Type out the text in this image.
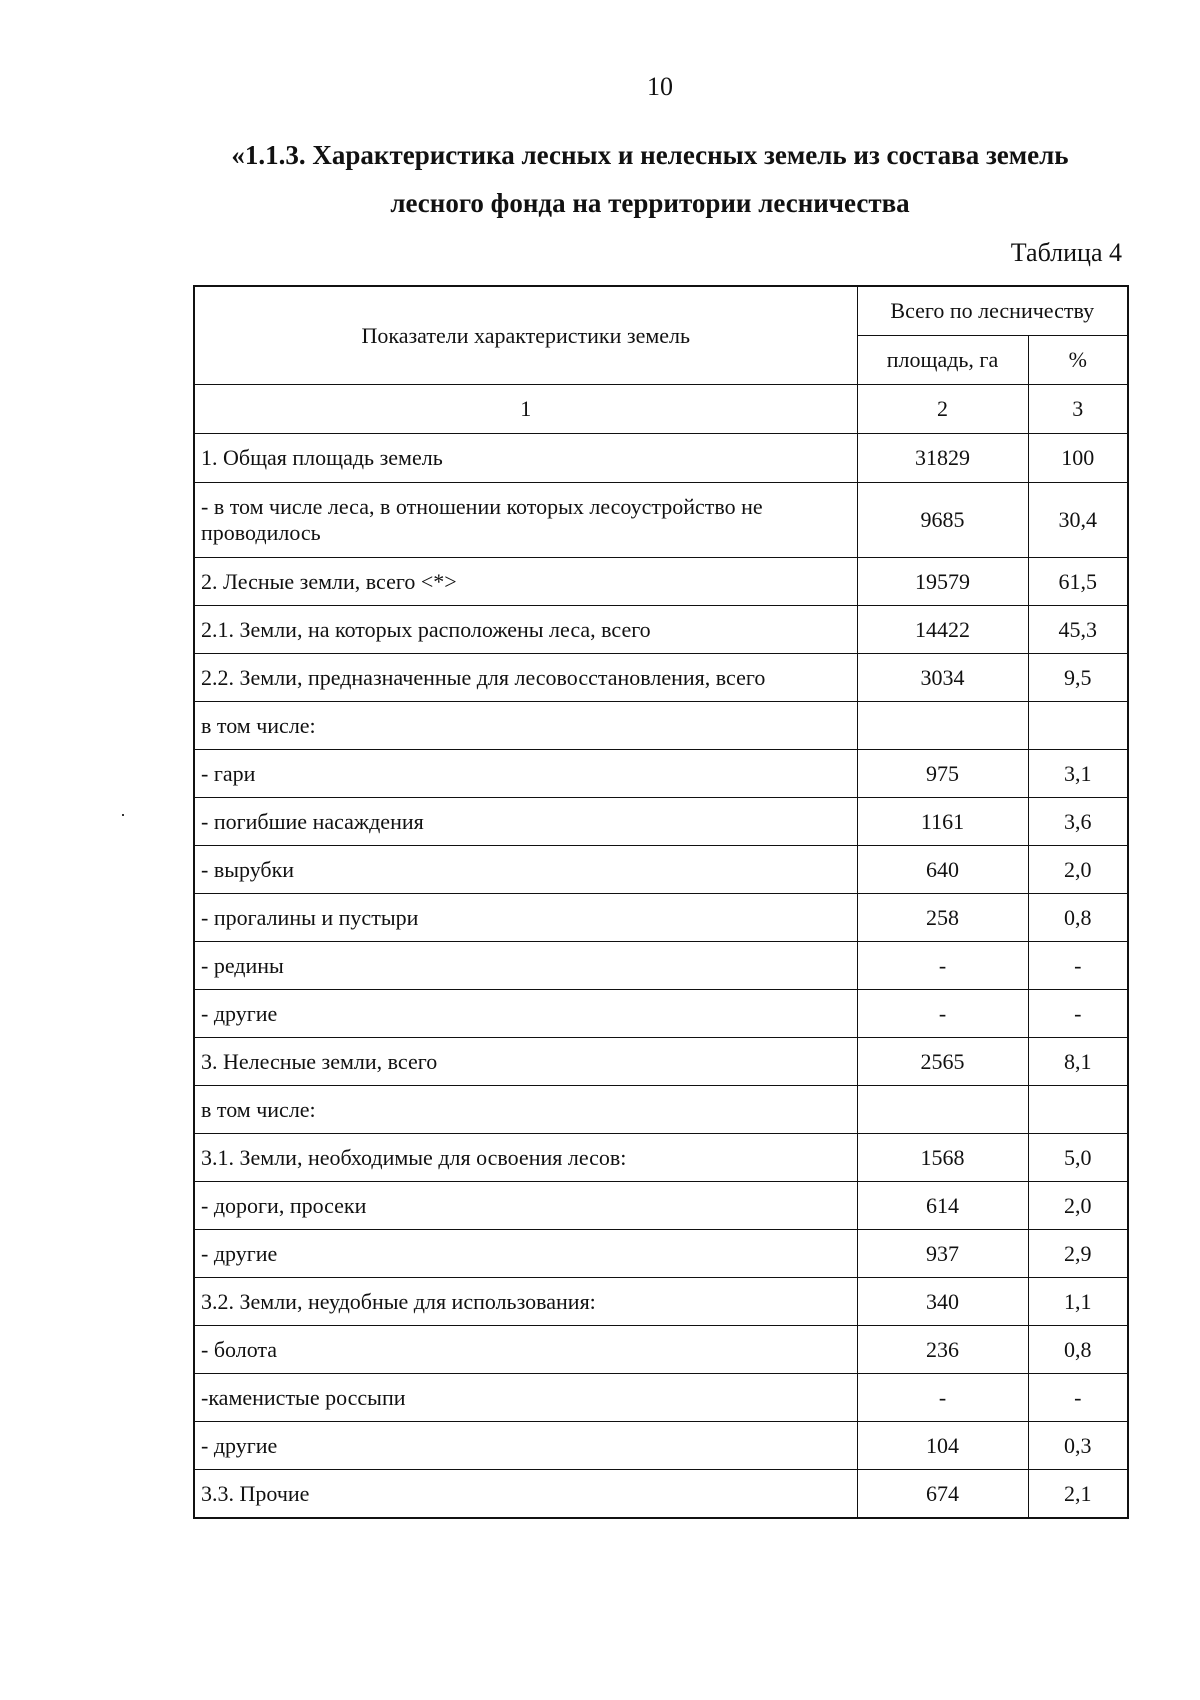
10
«1.1.3. Характеристика лесных и нелесных земель из состава земель
лесного фонда на территории лесничества
Таблица 4
Показатели характеристики земель	Всего по лесничеству	
	площадь, га	%
1	2	3
1. Общая площадь земель	31829	100
- в том числе леса, в отношении которых лесоустройство не проводилось	9685	30,4
2. Лесные земли, всего <*>	19579	61,5
2.1. Земли, на которых расположены леса, всего	14422	45,3
2.2. Земли, предназначенные для лесовосстановления, всего	3034	9,5
в том числе:		
- гари	975	3,1
- погибшие насаждения	1161	3,6
- вырубки	640	2,0
- прогалины и пустыри	258	0,8
- редины	-	-
- другие	-	-
3. Нелесные земли, всего	2565	8,1
в том числе:		
3.1. Земли, необходимые для освоения лесов:	1568	5,0
- дороги, просеки	614	2,0
- другие	937	2,9
3.2. Земли, неудобные для использования:	340	1,1
- болота	236	0,8
-каменистые россыпи	-	-
- другие	104	0,3
3.3. Прочие	674	2,1
